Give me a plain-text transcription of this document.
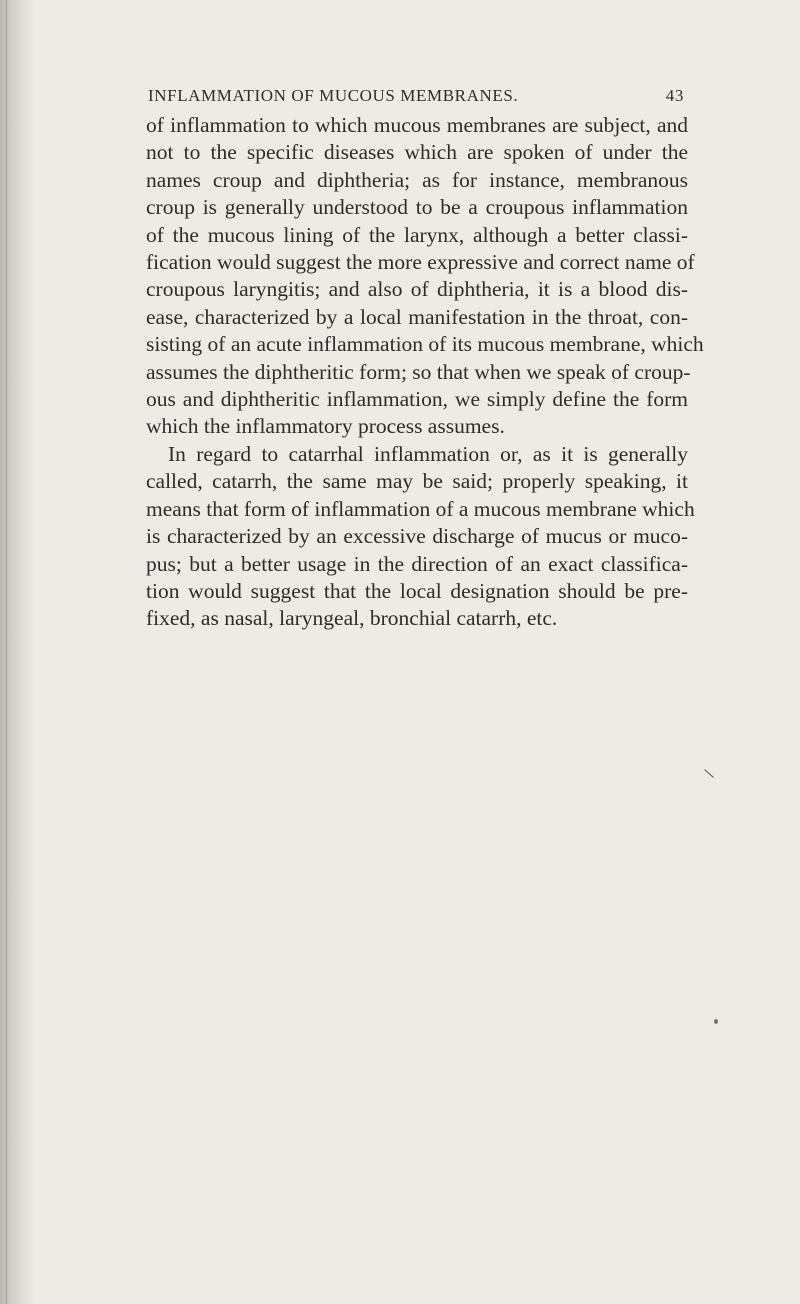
INFLAMMATION OF MUCOUS MEMBRANES.	43
of inflammation to which mucous membranes are subject, and
not to the specific diseases which are spoken of under the
names croup and diphtheria; as for instance, membranous
croup is generally understood to be a croupous inflammation
of the mucous lining of the larynx, although a better classi-
fication would suggest the more expressive and correct name of
croupous laryngitis; and also of diphtheria, it is a blood dis-
ease, characterized by a local manifestation in the throat, con-
sisting of an acute inflammation of its mucous membrane, which
assumes the diphtheritic form; so that when we speak of croup-
ous and diphtheritic inflammation, we simply define the form
which the inflammatory process assumes.
In regard to catarrhal inflammation or, as it is generally
called, catarrh, the same may be said; properly speaking, it
means that form of inflammation of a mucous membrane which
is characterized by an excessive discharge of mucus or muco-
pus; but a better usage in the direction of an exact classifica-
tion would suggest that the local designation should be pre-
fixed, as nasal, laryngeal, bronchial catarrh, etc.
